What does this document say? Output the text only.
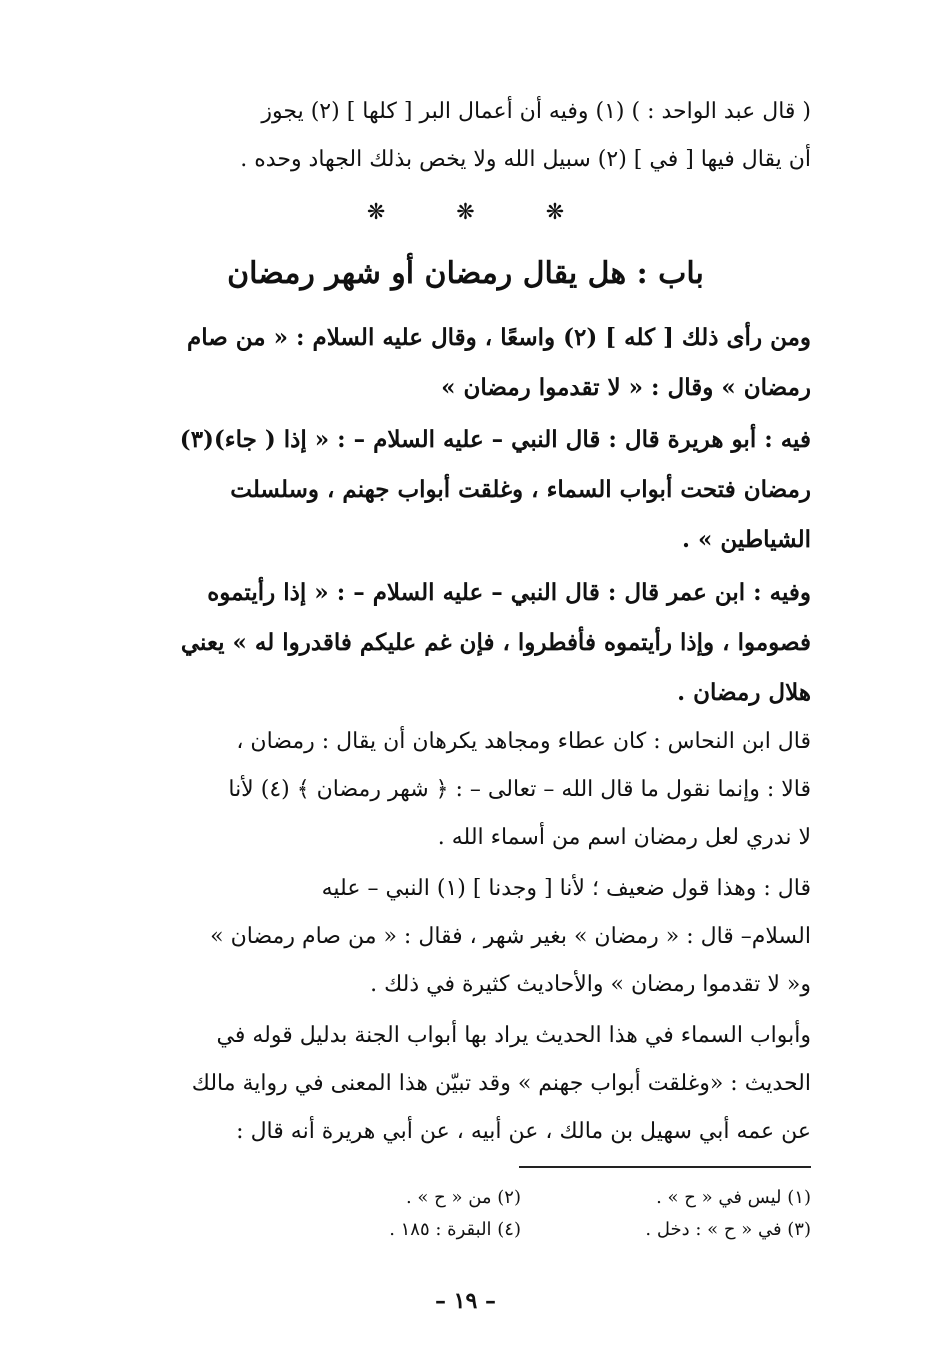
( قال عبد الواحد : ) (١) وفيه أن أعمال البر [ كلها ] (٢) يجوز
أن يقال فيها [ في ] (٢) سبيل الله ولا يخص بذلك الجهاد وحده .
❋	❋	❋
باب : هل يقال رمضان أو شهر رمضان
ومن رأى ذلك [ كله ] (٢) واسعًا ، وقال عليه السلام : « من صام
رمضان » وقال : « لا تقدموا رمضان »
فيه : أبو هريرة قال : قال النبي – عليه السلام – : « إذا ( جاء)(٣)
رمضان فتحت أبواب السماء ، وغلقت أبواب جهنم ، وسلسلت
الشياطين » .
وفيه : ابن عمر قال : قال النبي – عليه السلام – : « إذا رأيتموه
فصوموا ، وإذا رأيتموه فأفطروا ، فإن غم عليكم فاقدروا له » يعني
هلال رمضان .
قال ابن النحاس : كان عطاء ومجاهد يكرهان أن يقال : رمضان ،
قالا : وإنما نقول ما قال الله – تعالى – : ﴿ شهر رمضان ﴾ (٤) لأنا
لا ندري لعل رمضان اسم من أسماء الله .
قال : وهذا قول ضعيف ؛ لأنا [ وجدنا ] (١) النبي – عليه
السلام– قال : « رمضان » بغير شهر ، فقال : « من صام رمضان »
و« لا تقدموا رمضان » والأحاديث كثيرة في ذلك .
وأبواب السماء في هذا الحديث يراد بها أبواب الجنة بدليل قوله في
الحديث : «وغلقت أبواب جهنم » وقد تبيّن هذا المعنى في رواية مالك
عن عمه أبي سهيل بن مالك ، عن أبيه ، عن أبي هريرة أنه قال :
(١) ليس في « ح » .
(٢) من « ح » .
(٣) في « ح » : دخل .
(٤) البقرة : ١٨٥ .
– ١٩ –
